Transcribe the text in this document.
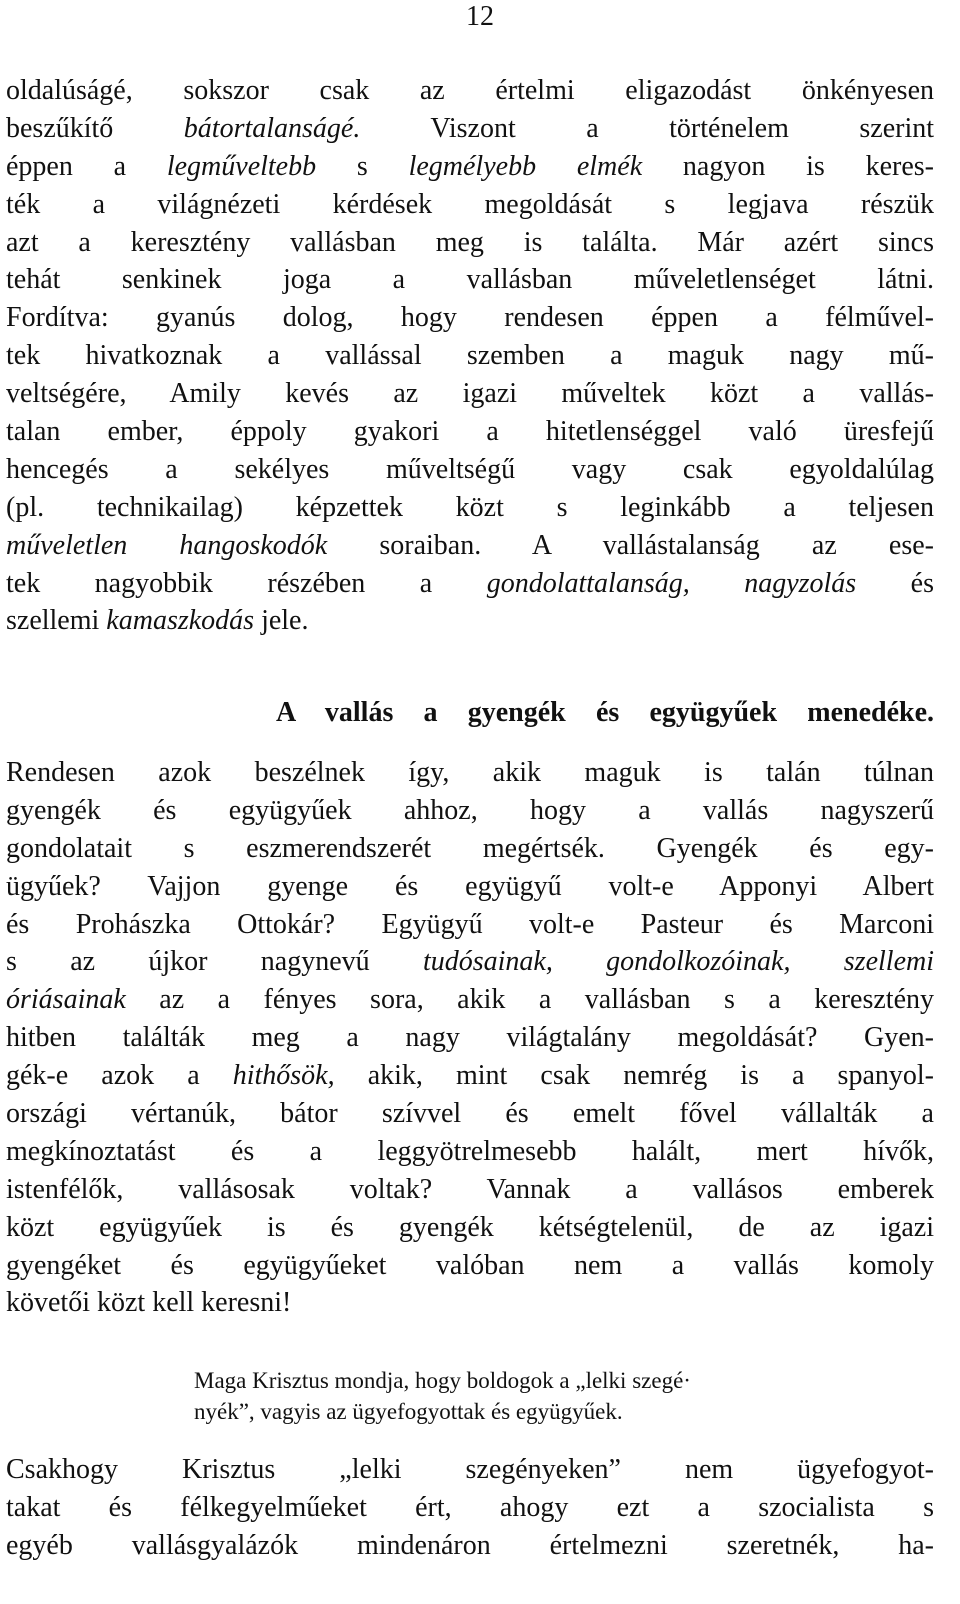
12
oldalúságé, sokszor csak az értelmi eligazodást önkényesen
beszűkítő bátortalanságé. Viszont a történelem szerint
éppen a legműveltebb s legmélyebb elmék nagyon is keres-
ték a világnézeti kérdések megoldását s legjava részük
azt a keresztény vallásban meg is találta. Már azért sincs
tehát senkinek joga a vallásban műveletlenséget látni.
Fordítva: gyanús dolog, hogy rendesen éppen a félművel-
tek hivatkoznak a vallással szemben a maguk nagy mű-
veltségére, Amily kevés az igazi műveltek közt a vallás-
talan ember, éppoly gyakori a hitetlenséggel való üresfejű
hencegés a sekélyes műveltségű vagy csak egyoldalúlag
(pl. technikailag) képzettek közt s leginkább a teljesen
műveletlen hangoskodók soraiban. A vallástalanság az ese-
tek nagyobbik részében a gondolattalanság, nagyzolás és
szellemi kamaszkodás jele.
A vallás a gyengék és együgyűek menedéke.
Rendesen azok beszélnek így, akik maguk is talán túlnan
gyengék és együgyűek ahhoz, hogy a vallás nagyszerű
gondolatait s eszmerendszerét megértsék. Gyengék és egy-
ügyűek? Vajjon gyenge és együgyű volt-e Apponyi Albert
és Prohászka Ottokár? Együgyű volt-e Pasteur és Marconi
s az újkor nagynevű tudósainak, gondolkozóinak, szellemi
óriásainak az a fényes sora, akik a vallásban s a keresztény
hitben találták meg a nagy világtalány megoldását? Gyen-
gék-e azok a hithősök, akik, mint csak nemrég is a spanyol-
országi vértanúk, bátor szívvel és emelt fővel vállalták a
megkínoztatást és a leggyötrelmesebb halált, mert hívők,
istenfélők, vallásosak voltak? Vannak a vallásos emberek
közt együgyűek is és gyengék kétségtelenül, de az igazi
gyengéket és együgyűeket valóban nem a vallás komoly
követői közt kell keresni!
Maga Krisztus mondja, hogy boldogok a „lelki szegé·
nyék”, vagyis az ügyefogyottak és együgyűek.
Csakhogy Krisztus „lelki szegényeken” nem ügyefogyot-
takat és félkegyelműeket ért, ahogy ezt a szocialista s
egyéb vallásgyalázók mindenáron értelmezni szeretnék, ha-
